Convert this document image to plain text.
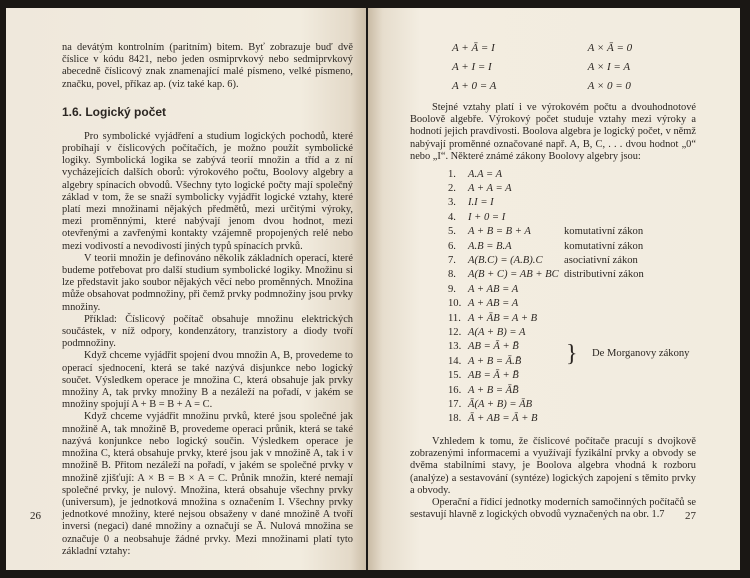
na devátým kontrolním (paritním) bitem. Byť zobrazuje buď dvě číslice v kódu 8421, nebo jeden osmiprvkový nebo sedmiprvkový abecedně číslicový znak znamenající malé písmeno, velké písmeno, značku, povel, příkaz ap. (viz také kap. 6).

1.6. Logický počet

Pro symbolické vyjádření a studium logických pochodů, které probíhají v číslicových počítačích, je možno použít symbolické logiky. Symbolická logika se zabývá teorií množin a tříd a z ní vycházejících dalších oborů: výrokového počtu, Boolovy algebry a algebry spínacích obvodů. Všechny tyto logické počty mají společný základ v tom, že se snaží symbolicky vyjádřit logické vztahy, které platí mezi množinami nějakých předmětů, mezi určitými výroky, mezi proměnnými, které nabývají jenom dvou hodnot, mezi otevřenými a zavřenými kontakty vzájemně propojených relé nebo mezi vodivostí a nevodivostí jiných typů spínacích prvků.

V teorii množin je definováno několik základních operací, které budeme potřebovat pro další studium symbolické logiky. Množinu si lze představit jako soubor nějakých věcí nebo proměnných. Množina může obsahovat podmnožiny, při čemž prvky podmnožiny jsou prvky množiny.

Příklad: Číslicový počítač obsahuje množinu elektrických součástek, v níž odpory, kondenzátory, tranzistory a diody tvoří podmnožiny.

Když chceme vyjádřit spojení dvou množin A, B, provedeme to operací sjednocení, která se také nazývá disjunkce nebo logický součet. Výsledkem operace je množina C, která obsahuje jak prvky množiny A, tak prvky množiny B a nezáleží na pořadí, v jakém se množiny spojují A + B = B + A = C.

Když chceme vyjádřit množinu prvků, které jsou společné jak množině A, tak množině B, provedeme operaci průnik, která se také nazývá konjunkce nebo logický součin. Výsledkem operace je množina C, která obsahuje prvky, které jsou jak v množině A, tak i v množině B. Přitom nezáleží na pořadí, v jakém se společné prvky v množině zjišťují: A × B = B × A = C. Průnik množin, které nemají společné prvky, je nulový. Množina, která obsahuje všechny prvky (universum), je jednotková množina s označením I. Všechny prvky jednotkové množiny, které nejsou obsaženy v dané množině A tvoří inversi (negaci) dané množiny a označují se Ā. Nulová množina se označuje 0 a neobsahuje žádné prvky. Mezi množinami platí tyto základní vztahy:

26
A + Ā = I	A × Ā = 0
A + I = I	A × I = A
A + 0 = A	A × 0 = 0

Stejné vztahy platí i ve výrokovém počtu a dvouhodnotové Boolově algebře. Výrokový počet studuje vztahy mezi výroky a hodnotí jejich pravdivosti. Boolova algebra je logický počet, v němž nabývají proměnné označované např. A, B, C, . . . dvou hodnot „0“ nebo „I“. Některé známé zákony Boolovy algebry jsou:

1.	A.A = A
2.	A + A = A
3.	I.I = I
4.	I + 0 = I
5.	A + B = B + A	komutativní zákon
6.	A.B = B.A	komutativní zákon
7.	A(B.C) = (A.B).C	asociativní zákon
8.	A(B + C) = AB + BC distributivní zákon
9.	A + AB = A
10. A + AB = A
11. A + ĀB = A + B
12. A(A + B) = A
13. AB = Ā + B̄
14. A + B = Ā.B̄	} De Morganovy zákony
15. AB = Ā + B̄
16. A + B = ĀB̄
17. Ā(A + B) = ĀB
18. Ā + AB = Ā + B

Vzhledem k tomu, že číslicové počítače pracují s dvojkově zobrazenými informacemi a využívají fyzikální prvky a obvody se dvěma stabilními stavy, je Boolova algebra vhodná k rozboru (analýze) a sestavování (syntéze) logických zapojení s těmito prvky a obvody.

Operační a řídicí jednotky moderních samočinných počítačů se sestavují hlavně z logických obvodů vyznačených na obr. 1.7	27
